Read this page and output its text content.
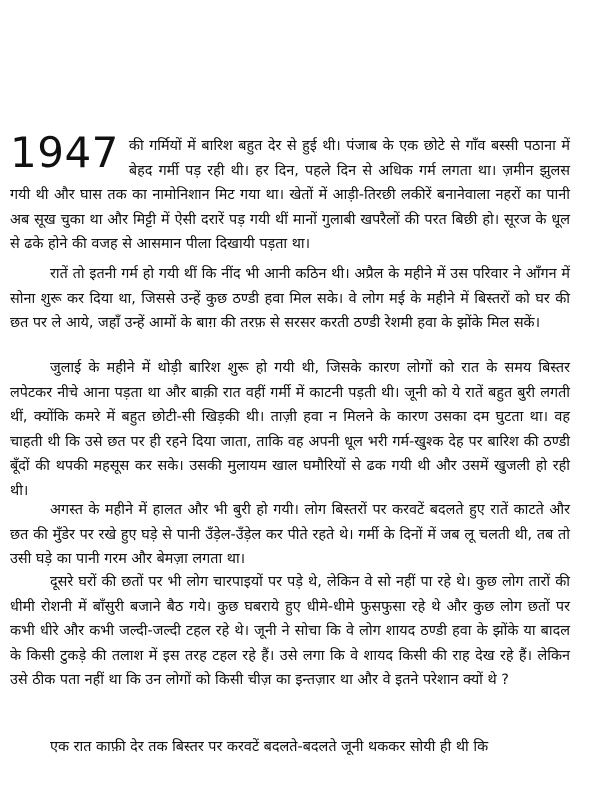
1947 की गर्मियों में बारिश बहुत देर से हुई थी। पंजाब के एक छोटे से गाँव बस्सी पठाना में बेहद गर्मी पड़ रही थी। हर दिन, पहले दिन से अधिक गर्म लगता था। ज़मीन झुलस गयी थी और घास तक का नामोनिशान मिट गया था। खेतों में आड़ी-तिरछी लकीरें बनानेवाला नहरों का पानी अब सूख चुका था और मिट्टी में ऐसी दरारें पड़ गयी थीं मानों गुलाबी खपरैलों की परत बिछी हो। सूरज के धूल से ढके होने की वजह से आसमान पीला दिखायी पड़ता था।

रातें तो इतनी गर्म हो गयी थीं कि नींद भी आनी कठिन थी। अप्रैल के महीने में उस परिवार ने आँगन में सोना शुरू कर दिया था, जिससे उन्हें कुछ ठण्डी हवा मिल सके। वे लोग मई के महीने में बिस्तरों को घर की छत पर ले आये, जहाँ उन्हें आमों के बाग़ की तरफ़ से सरसर करती ठण्डी रेशमी हवा के झोंके मिल सकें।

जुलाई के महीने में थोड़ी बारिश शुरू हो गयी थी, जिसके कारण लोगों को रात के समय बिस्तर लपेटकर नीचे आना पड़ता था और बाक़ी रात वहीं गर्मी में काटनी पड़ती थी। जूनी को ये रातें बहुत बुरी लगती थीं, क्योंकि कमरे में बहुत छोटी-सी खिड़की थी। ताज़ी हवा न मिलने के कारण उसका दम घुटता था। वह चाहती थी कि उसे छत पर ही रहने दिया जाता, ताकि वह अपनी धूल भरी गर्म-खुश्क देह पर बारिश की ठण्डी बूँदों की थपकी महसूस कर सके। उसकी मुलायम खाल घमौरियों से ढक गयी थी और उसमें खुजली हो रही थी।

अगस्त के महीने में हालत और भी बुरी हो गयी। लोग बिस्तरों पर करवटें बदलते हुए रातें काटते और छत की मुँडेर पर रखे हुए घड़े से पानी उँड़ेल-उँड़ेल कर पीते रहते थे। गर्मी के दिनों में जब लू चलती थी, तब तो उसी घड़े का पानी गरम और बेमज़ा लगता था।

दूसरे घरों की छतों पर भी लोग चारपाइयों पर पड़े थे, लेकिन वे सो नहीं पा रहे थे। कुछ लोग तारों की धीमी रोशनी में बाँसुरी बजाने बैठ गये। कुछ घबराये हुए धीमे-धीमे फुसफुसा रहे थे और कुछ लोग छतों पर कभी धीरे और कभी जल्दी-जल्दी टहल रहे थे। जूनी ने सोचा कि वे लोग शायद ठण्डी हवा के झोंके या बादल के किसी टुकड़े की तलाश में इस तरह टहल रहे हैं। उसे लगा कि वे शायद किसी की राह देख रहे हैं। लेकिन उसे ठीक पता नहीं था कि उन लोगों को किसी चीज़ का इन्तज़ार था और वे इतने परेशान क्यों थे ?

एक रात काफ़ी देर तक बिस्तर पर करवटें बदलते-बदलते जूनी थककर सोयी ही थी कि
